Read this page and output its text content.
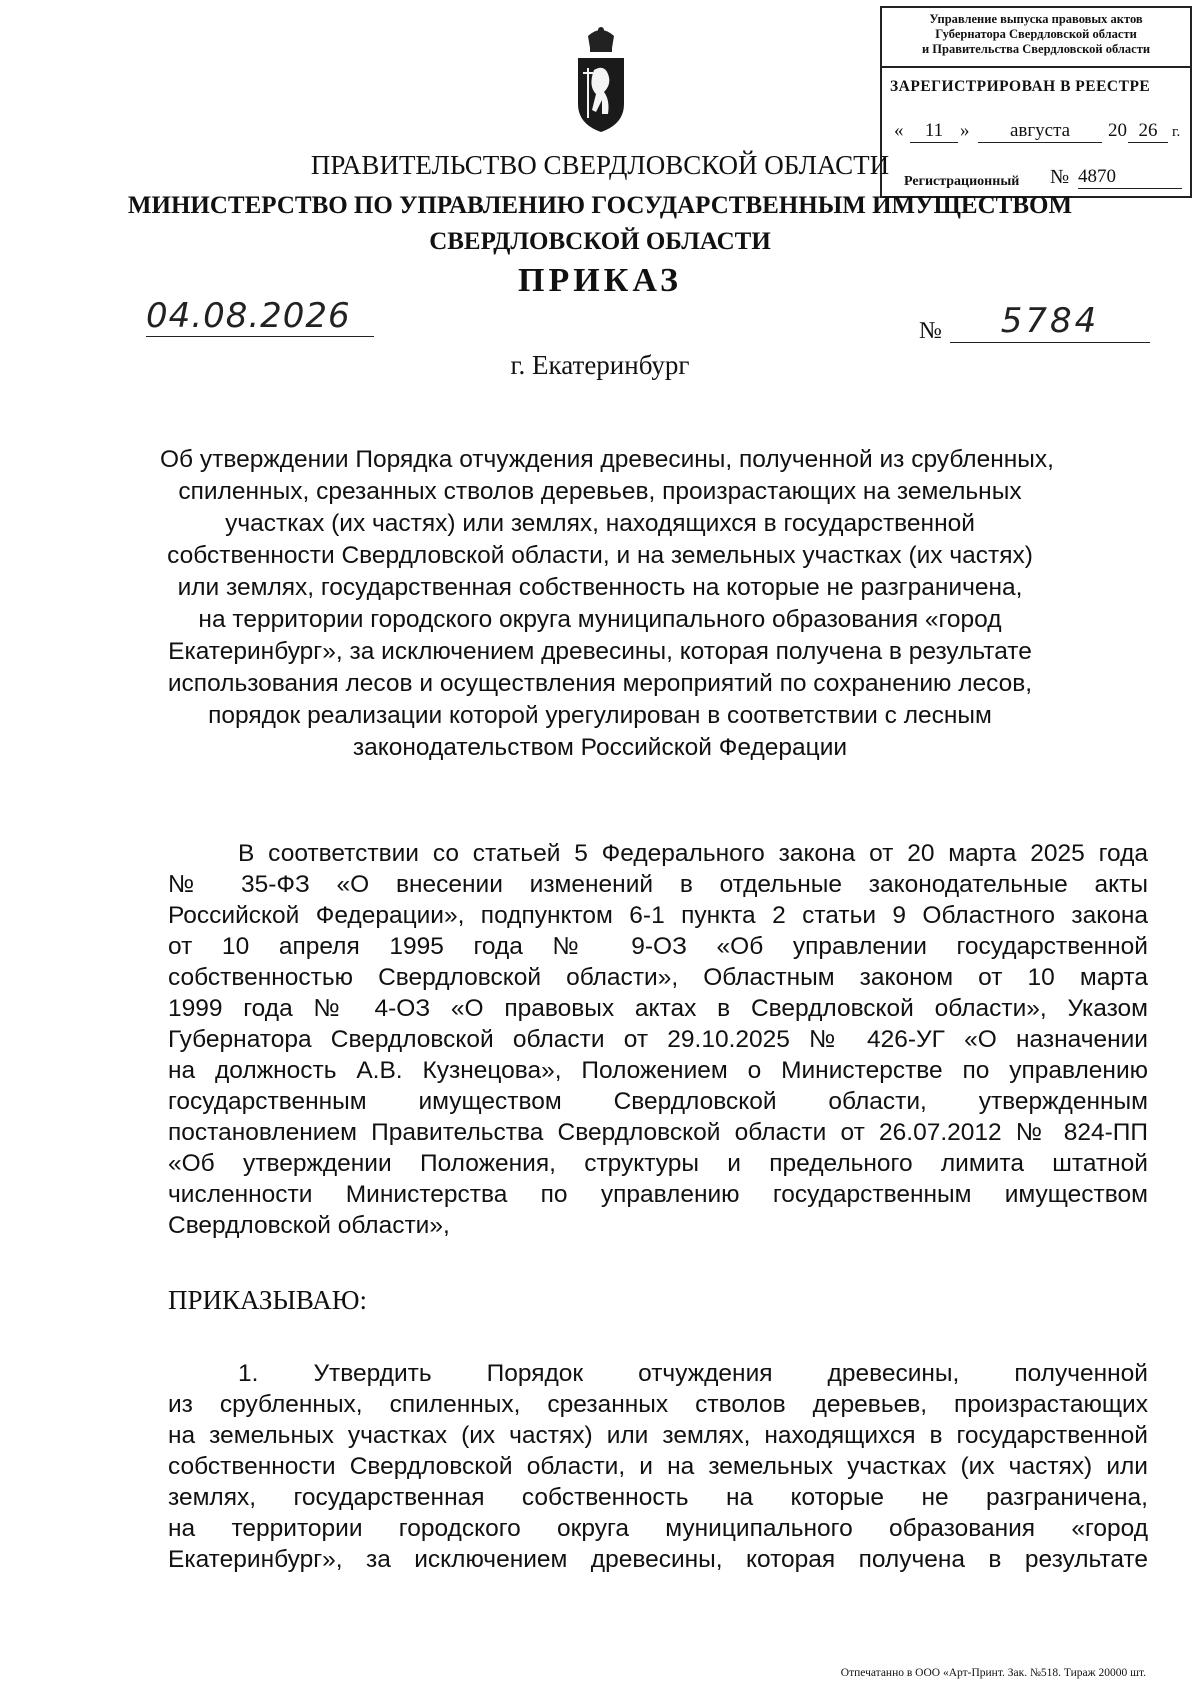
Управление выпуска правовых актов
Губернатора Свердловской области
и Правительства Свердловской области
ЗАРЕГИСТРИРОВАН В РЕЕСТРЕ
«	11 »	августа	20 26 г.
Регистрационный № 4870
ПРАВИТЕЛЬСТВО СВЕРДЛОВСКОЙ ОБЛАСТИ
МИНИСТЕРСТВО ПО УПРАВЛЕНИЮ ГОСУДАРСТВЕННЫМ ИМУЩЕСТВОМ
СВЕРДЛОВСКОЙ ОБЛАСТИ
ПРИКАЗ
04.08.2026	№	5784
г. Екатеринбург
Об утверждении Порядка отчуждения древесины, полученной из срубленных,
спиленных, срезанных стволов деревьев, произрастающих на земельных
участках (их частях) или землях, находящихся в государственной
собственности Свердловской области, и на земельных участках (их частях)
или землях, государственная собственность на которые не разграничена,
на территории городского округа муниципального образования «город
Екатеринбург», за исключением древесины, которая получена в результате
использования лесов и осуществления мероприятий по сохранению лесов,
порядок реализации которой урегулирован в соответствии с лесным
законодательством Российской Федерации
В соответствии со статьей 5 Федерального закона от 20 марта 2025 года
№ 35-ФЗ «О внесении изменений в отдельные законодательные акты
Российской Федерации», подпунктом 6-1 пункта 2 статьи 9 Областного закона
от 10 апреля 1995 года № 9-ОЗ «Об управлении государственной
собственностью Свердловской области», Областным законом от 10 марта
1999 года № 4-ОЗ «О правовых актах в Свердловской области», Указом
Губернатора Свердловской области от 29.10.2025 № 426-УГ «О назначении
на должность А.В. Кузнецова», Положением о Министерстве по управлению
государственным имуществом Свердловской области, утвержденным
постановлением Правительства Свердловской области от 26.07.2012 № 824-ПП
«Об утверждении Положения, структуры и предельного лимита штатной
численности Министерства по управлению государственным имуществом
Свердловской области»,
ПРИКАЗЫВАЮ:
1. Утвердить Порядок отчуждения древесины, полученной
из срубленных, спиленных, срезанных стволов деревьев, произрастающих
на земельных участках (их частях) или землях, находящихся в государственной
собственности Свердловской области, и на земельных участках (их частях) или
землях, государственная собственность на которые не разграничена,
на территории городского округа муниципального образования «город
Екатеринбург», за исключением древесины, которая получена в результате
Отпечатанно в ООО «Арт-Принт. Зак. №518. Тираж 20000 шт.
